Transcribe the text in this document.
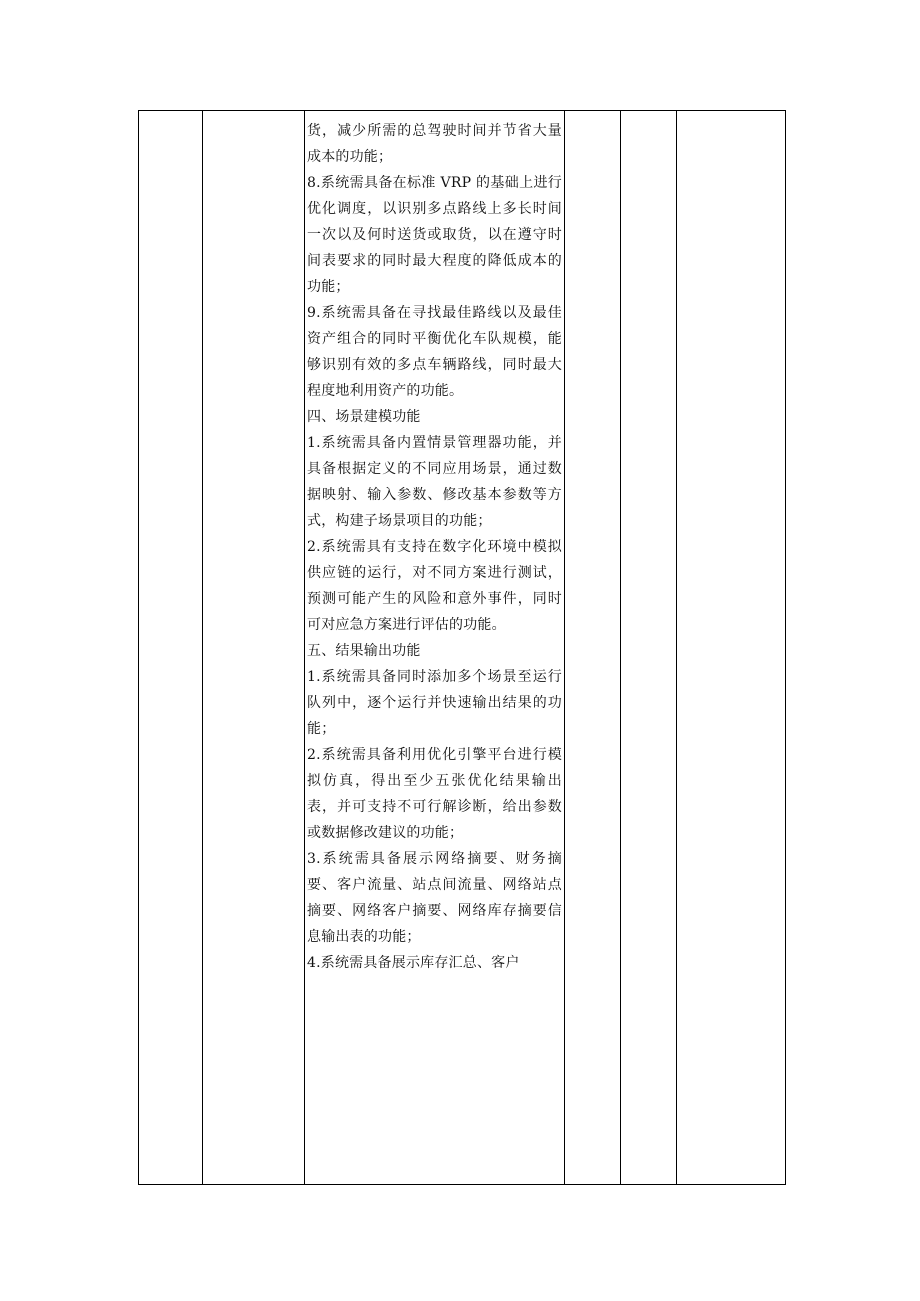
货，减少所需的总驾驶时间并节省大量成本的功能；

8.系统需具备在标准 VRP 的基础上进行优化调度，以识别多点路线上多长时间一次以及何时送货或取货，以在遵守时间表要求的同时最大程度的降低成本的功能；

9.系统需具备在寻找最佳路线以及最佳资产组合的同时平衡优化车队规模，能够识别有效的多点车辆路线，同时最大程度地利用资产的功能。

四、场景建模功能

1.系统需具备内置情景管理器功能，并具备根据定义的不同应用场景，通过数据映射、输入参数、修改基本参数等方式，构建子场景项目的功能；

2.系统需具有支持在数字化环境中模拟供应链的运行，对不同方案进行测试，预测可能产生的风险和意外事件，同时可对应急方案进行评估的功能。

五、结果输出功能

1.系统需具备同时添加多个场景至运行队列中，逐个运行并快速输出结果的功能；

2.系统需具备利用优化引擎平台进行模拟仿真，得出至少五张优化结果输出表，并可支持不可行解诊断，给出参数或数据修改建议的功能；

3.系统需具备展示网络摘要、财务摘要、客户流量、站点间流量、网络站点摘要、网络客户摘要、网络库存摘要信息输出表的功能；

4.系统需具备展示库存汇总、客户
